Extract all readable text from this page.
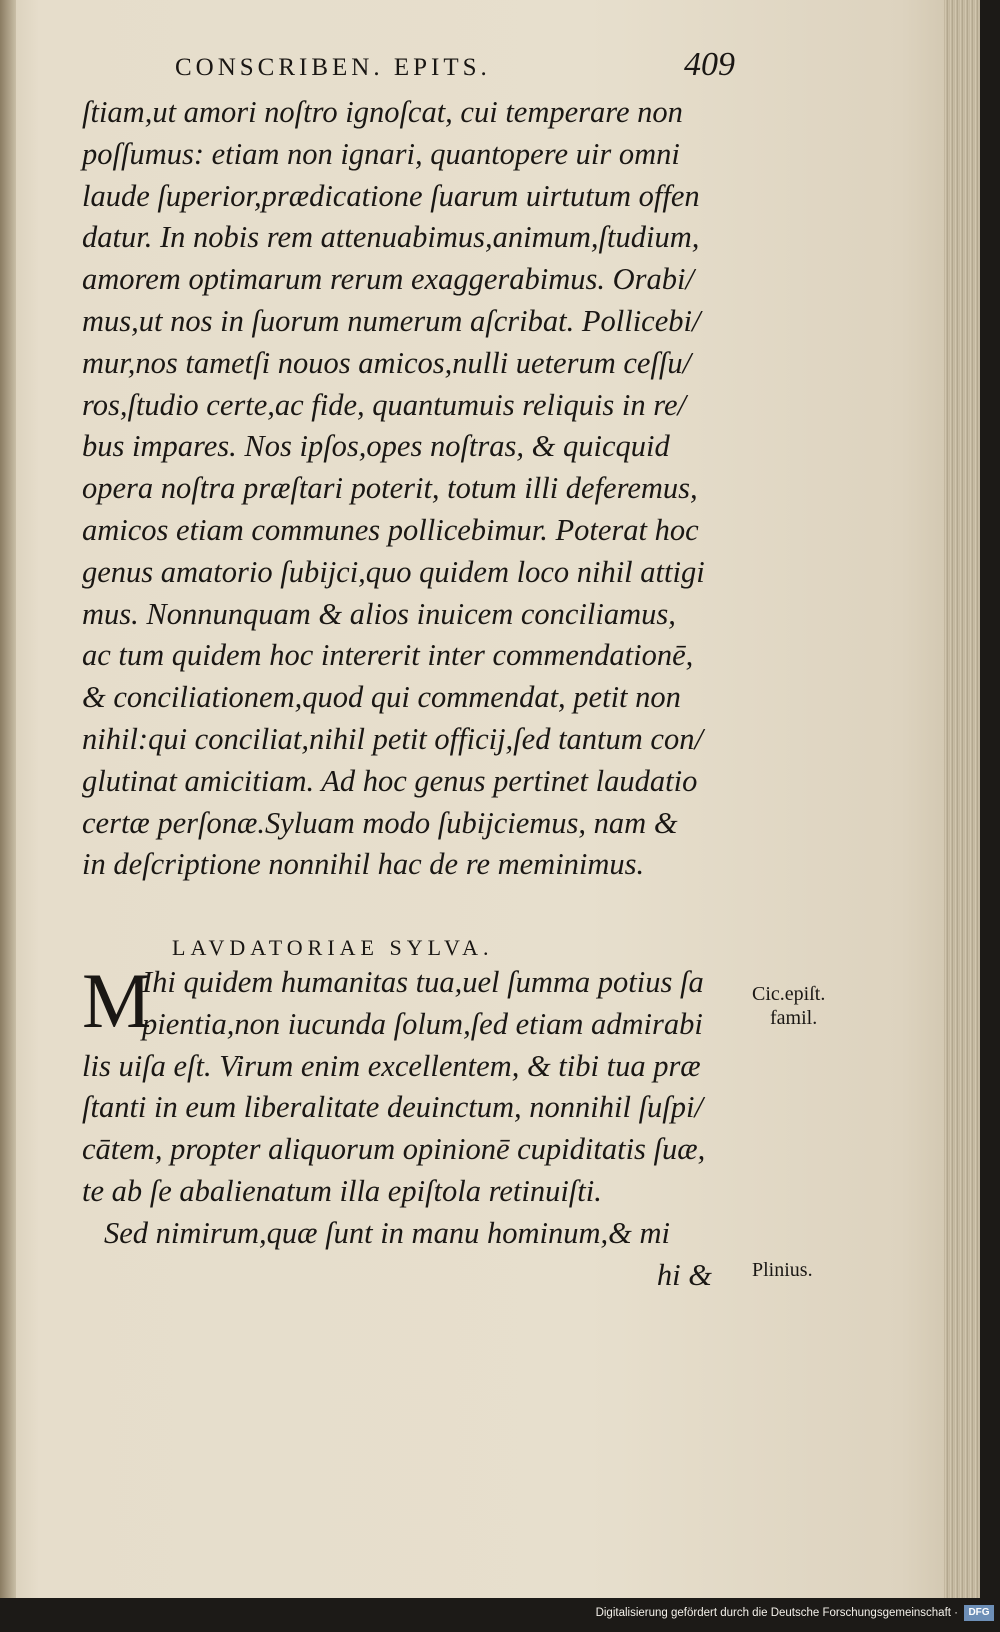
CONSCRIBEN. EPITS.	409
ſtiam,ut amori noſtro ignoſcat, cui temperare non
poſſumus: etiam non ignari, quantopere uir omni
laude ſuperior,prædicatione ſuarum uirtutum offen
datur. In nobis rem attenuabimus,animum,ſtudium,
amorem optimarum rerum exaggerabimus. Orabi/
mus,ut nos in ſuorum numerum aſcribat. Pollicebi/
mur,nos tametſi nouos amicos,nulli ueterum ceſſu/
ros,ſtudio certe,ac fide, quantumuis reliquis in re/
bus impares. Nos ipſos,opes noſtras, & quicquid
opera noſtra præſtari poterit, totum illi deferemus,
amicos etiam communes pollicebimur. Poterat hoc
genus amatorio ſubijci,quo quidem loco nihil attigi
mus. Nonnunquam & alios inuicem conciliamus,
ac tum quidem hoc intererit inter commendationē,
& conciliationem,quod qui commendat, petit non
nihil:qui conciliat,nihil petit officij,ſed tantum con/
glutinat amicitiam. Ad hoc genus pertinet laudatio
certæ perſonæ.Syluam modo ſubijciemus, nam &
in deſcriptione nonnihil hac de re meminimus.
LAVDATORIAE SYLVA.
M
Ihi quidem humanitas tua,uel ſumma potius ſa
pientia,non iucunda ſolum,ſed etiam admirabi
lis uiſa eſt. Virum enim excellentem, & tibi tua præ
ſtanti in eum liberalitate deuinctum, nonnihil ſuſpi/
cātem, propter aliquorum opinionē cupiditatis ſuæ,
te ab ſe abalienatum illa epiſtola retinuiſti.
Sed nimirum,quæ ſunt in manu hominum,& mi
hi &
Cic.epiſt.
famil.
Plinius.
Digitalisierung gefördert durch die Deutsche Forschungsgemeinschaft ·	DFG
